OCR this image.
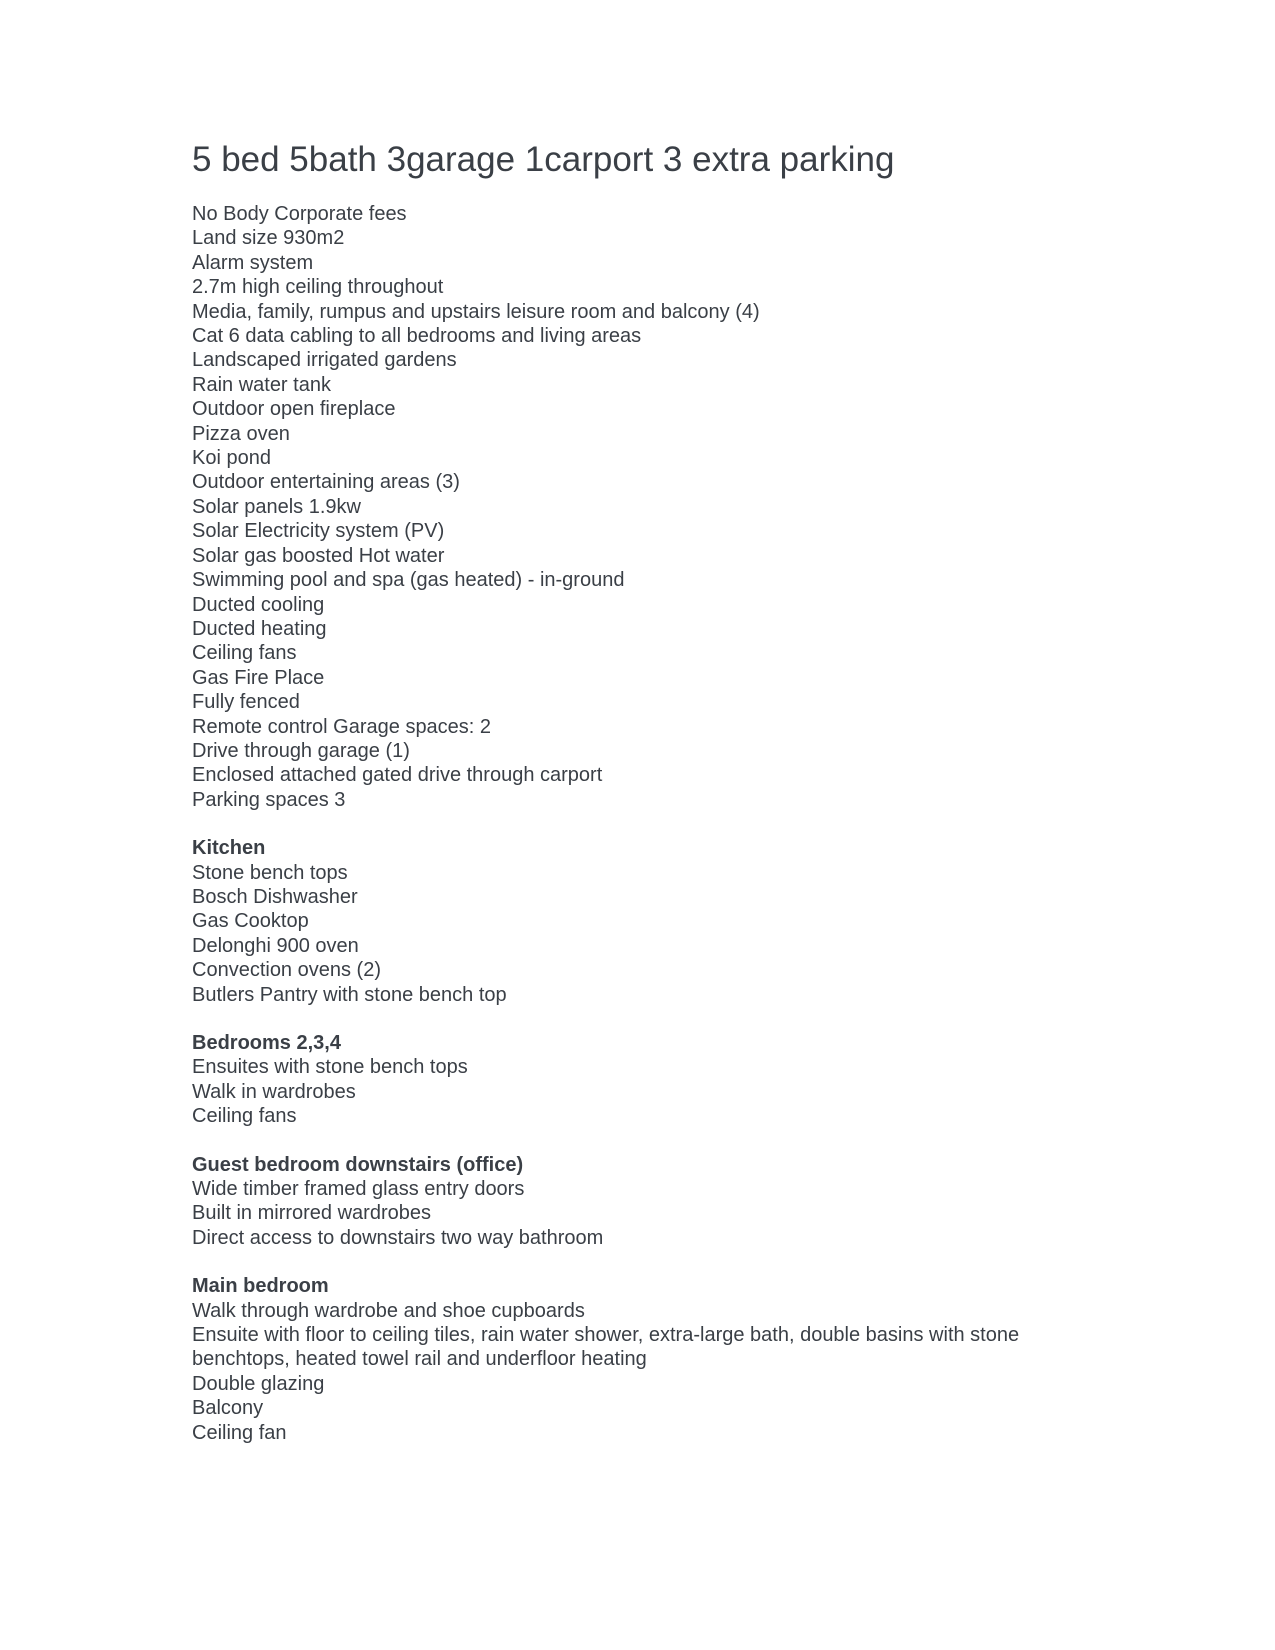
5 bed 5bath 3garage 1carport 3 extra parking
No Body Corporate fees
Land size 930m2
Alarm system
2.7m high ceiling throughout
Media, family, rumpus and upstairs leisure room and balcony (4)
Cat 6 data cabling to all bedrooms and living areas
Landscaped irrigated gardens
Rain water tank
Outdoor open fireplace
Pizza oven
Koi pond
Outdoor entertaining areas (3)
Solar panels 1.9kw
Solar Electricity system (PV)
Solar gas boosted Hot water
Swimming pool and spa (gas heated) - in-ground
Ducted cooling
Ducted heating
Ceiling fans
Gas Fire Place
Fully fenced
Remote control Garage spaces: 2
Drive through garage (1)
Enclosed attached gated drive through carport
Parking spaces 3
Kitchen
Stone bench tops
Bosch Dishwasher
Gas Cooktop
Delonghi 900 oven
Convection ovens (2)
Butlers Pantry with stone bench top
Bedrooms 2,3,4
Ensuites with stone bench tops
Walk in wardrobes
Ceiling fans
Guest bedroom downstairs (office)
Wide timber framed glass entry doors
Built in mirrored wardrobes
Direct access to downstairs two way bathroom
Main bedroom
Walk through wardrobe and shoe cupboards
Ensuite with floor to ceiling tiles, rain water shower, extra-large bath, double basins with stone benchtops, heated towel rail and underfloor heating
Double glazing
Balcony
Ceiling fan
